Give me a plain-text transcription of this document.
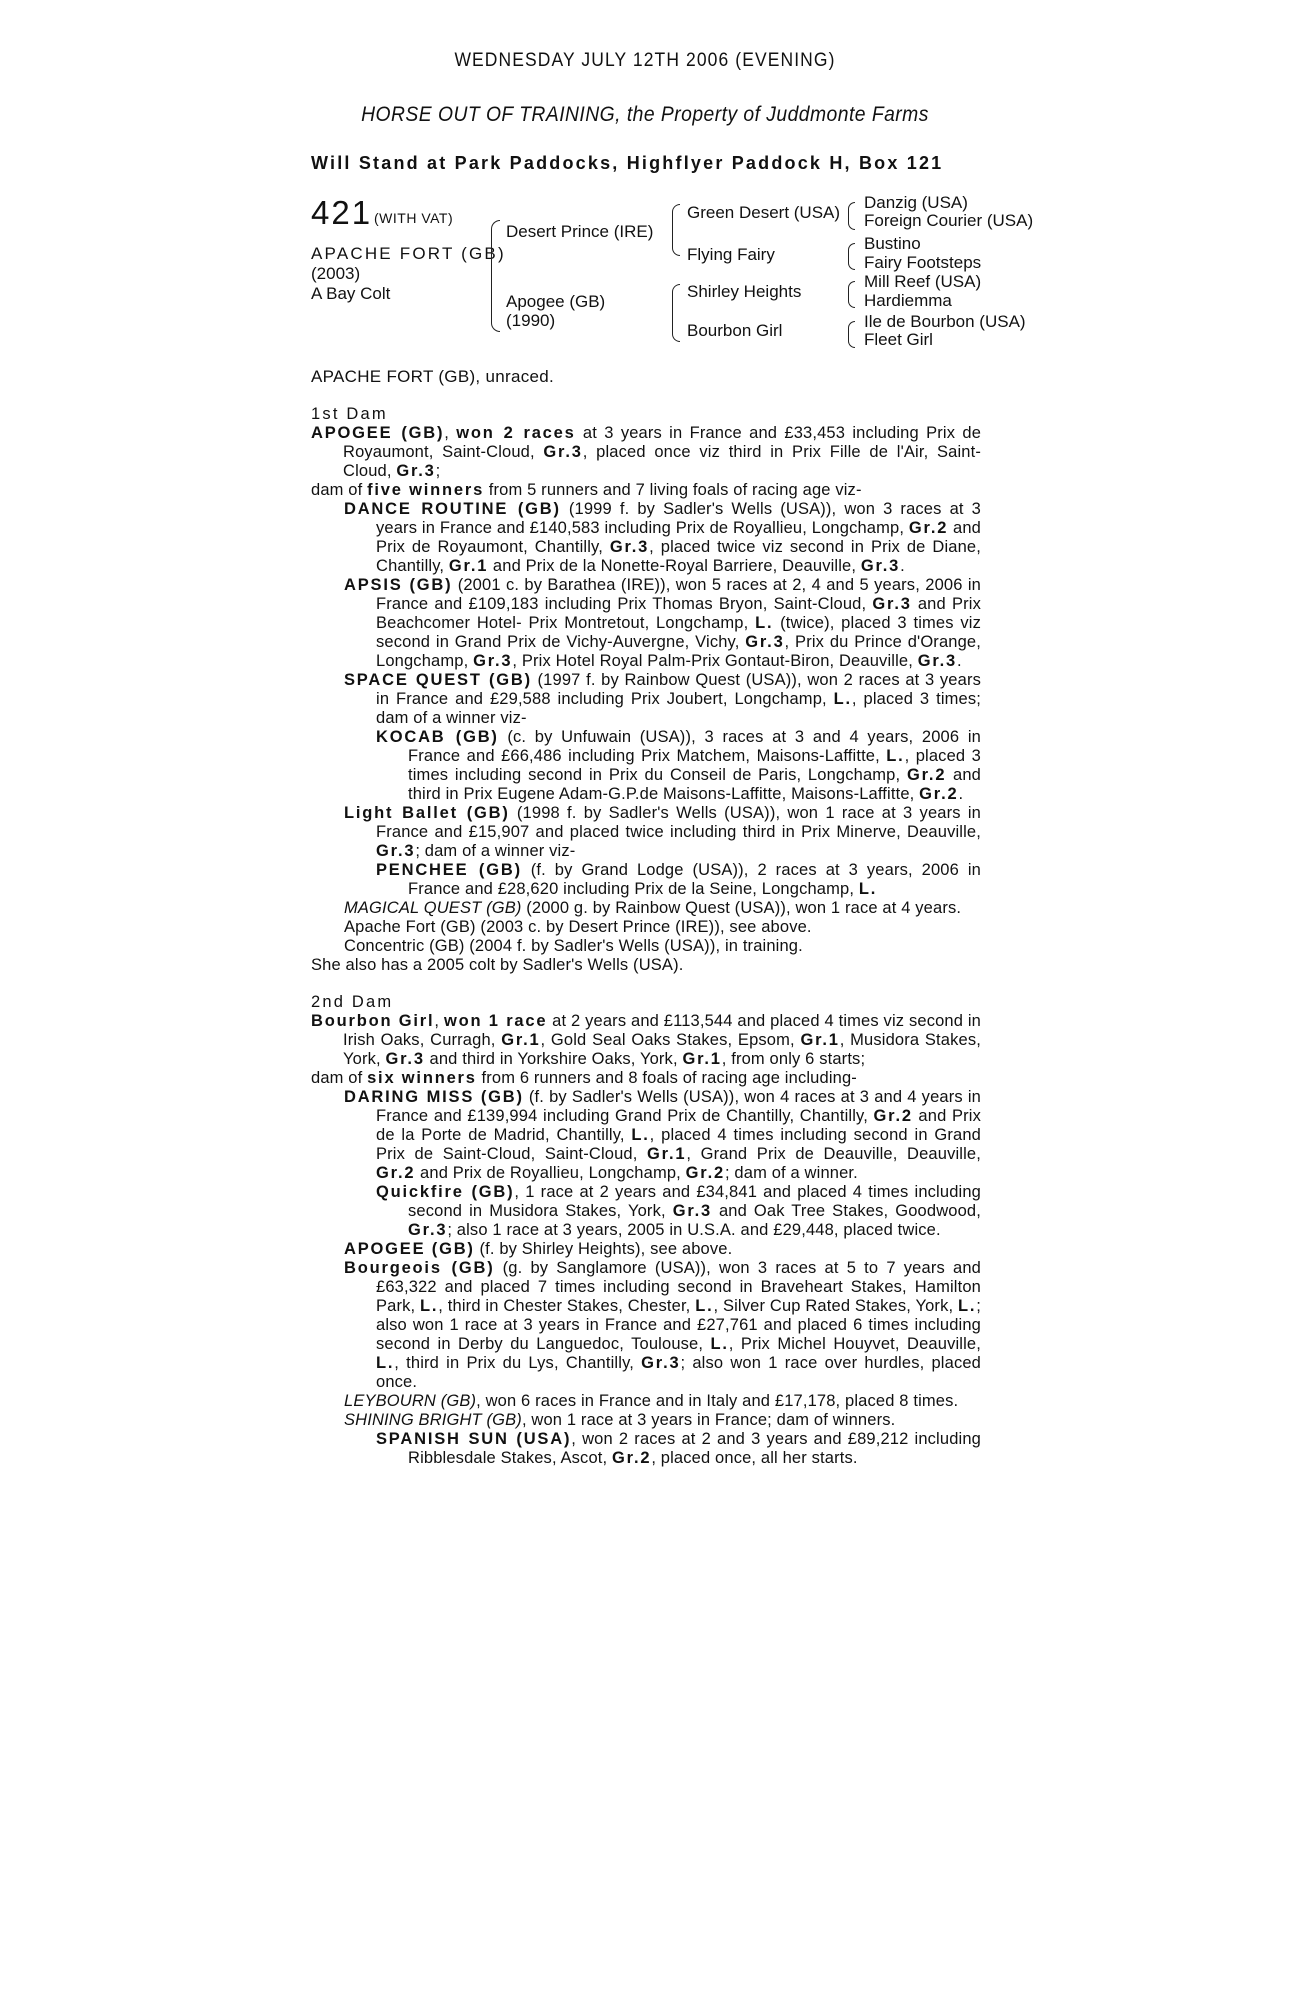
WEDNESDAY JULY 12TH 2006 (EVENING)
HORSE OUT OF TRAINING, the Property of Juddmonte Farms
Will Stand at Park Paddocks, Highflyer Paddock H, Box 121
421 (WITH VAT)
APACHE FORT (GB)
(2003)
A Bay Colt
Desert Prince (IRE)
Apogee (GB)
(1990)
Green Desert (USA)
Flying Fairy
Shirley Heights
Bourbon Girl
Danzig (USA)
Foreign Courier (USA)
Bustino
Fairy Footsteps
Mill Reef (USA)
Hardiemma
Ile de Bourbon (USA)
Fleet Girl
APACHE FORT (GB), unraced.
1st Dam
APOGEE (GB), won 2 races at 3 years in France and £33,453 including Prix de Royaumont, Saint-Cloud, Gr.3, placed once viz third in Prix Fille de l'Air, Saint-Cloud, Gr.3;
dam of five winners from 5 runners and 7 living foals of racing age viz-
DANCE ROUTINE (GB) (1999 f. by Sadler's Wells (USA)), won 3 races at 3 years in France and £140,583 including Prix de Royallieu, Longchamp, Gr.2 and Prix de Royaumont, Chantilly, Gr.3, placed twice viz second in Prix de Diane, Chantilly, Gr.1 and Prix de la Nonette-Royal Barriere, Deauville, Gr.3.
APSIS (GB) (2001 c. by Barathea (IRE)), won 5 races at 2, 4 and 5 years, 2006 in France and £109,183 including Prix Thomas Bryon, Saint-Cloud, Gr.3 and Prix Beachcomer Hotel- Prix Montretout, Longchamp, L. (twice), placed 3 times viz second in Grand Prix de Vichy-Auvergne, Vichy, Gr.3, Prix du Prince d'Orange, Longchamp, Gr.3, Prix Hotel Royal Palm-Prix Gontaut-Biron, Deauville, Gr.3.
SPACE QUEST (GB) (1997 f. by Rainbow Quest (USA)), won 2 races at 3 years in France and £29,588 including Prix Joubert, Longchamp, L., placed 3 times; dam of a winner viz-
KOCAB (GB) (c. by Unfuwain (USA)), 3 races at 3 and 4 years, 2006 in France and £66,486 including Prix Matchem, Maisons-Laffitte, L., placed 3 times including second in Prix du Conseil de Paris, Longchamp, Gr.2 and third in Prix Eugene Adam-G.P.de Maisons-Laffitte, Maisons-Laffitte, Gr.2.
Light Ballet (GB) (1998 f. by Sadler's Wells (USA)), won 1 race at 3 years in France and £15,907 and placed twice including third in Prix Minerve, Deauville, Gr.3; dam of a winner viz-
PENCHEE (GB) (f. by Grand Lodge (USA)), 2 races at 3 years, 2006 in France and £28,620 including Prix de la Seine, Longchamp, L.
MAGICAL QUEST (GB) (2000 g. by Rainbow Quest (USA)), won 1 race at 4 years.
Apache Fort (GB) (2003 c. by Desert Prince (IRE)), see above.
Concentric (GB) (2004 f. by Sadler's Wells (USA)), in training.
She also has a 2005 colt by Sadler's Wells (USA).
2nd Dam
Bourbon Girl, won 1 race at 2 years and £113,544 and placed 4 times viz second in Irish Oaks, Curragh, Gr.1, Gold Seal Oaks Stakes, Epsom, Gr.1, Musidora Stakes, York, Gr.3 and third in Yorkshire Oaks, York, Gr.1, from only 6 starts;
dam of six winners from 6 runners and 8 foals of racing age including-
DARING MISS (GB) (f. by Sadler's Wells (USA)), won 4 races at 3 and 4 years in France and £139,994 including Grand Prix de Chantilly, Chantilly, Gr.2 and Prix de la Porte de Madrid, Chantilly, L., placed 4 times including second in Grand Prix de Saint-Cloud, Saint-Cloud, Gr.1, Grand Prix de Deauville, Deauville, Gr.2 and Prix de Royallieu, Longchamp, Gr.2; dam of a winner.
Quickfire (GB), 1 race at 2 years and £34,841 and placed 4 times including second in Musidora Stakes, York, Gr.3 and Oak Tree Stakes, Goodwood, Gr.3; also 1 race at 3 years, 2005 in U.S.A. and £29,448, placed twice.
APOGEE (GB) (f. by Shirley Heights), see above.
Bourgeois (GB) (g. by Sanglamore (USA)), won 3 races at 5 to 7 years and £63,322 and placed 7 times including second in Braveheart Stakes, Hamilton Park, L., third in Chester Stakes, Chester, L., Silver Cup Rated Stakes, York, L.; also won 1 race at 3 years in France and £27,761 and placed 6 times including second in Derby du Languedoc, Toulouse, L., Prix Michel Houyvet, Deauville, L., third in Prix du Lys, Chantilly, Gr.3; also won 1 race over hurdles, placed once.
LEYBOURN (GB), won 6 races in France and in Italy and £17,178, placed 8 times.
SHINING BRIGHT (GB), won 1 race at 3 years in France; dam of winners.
SPANISH SUN (USA), won 2 races at 2 and 3 years and £89,212 including Ribblesdale Stakes, Ascot, Gr.2, placed once, all her starts.
